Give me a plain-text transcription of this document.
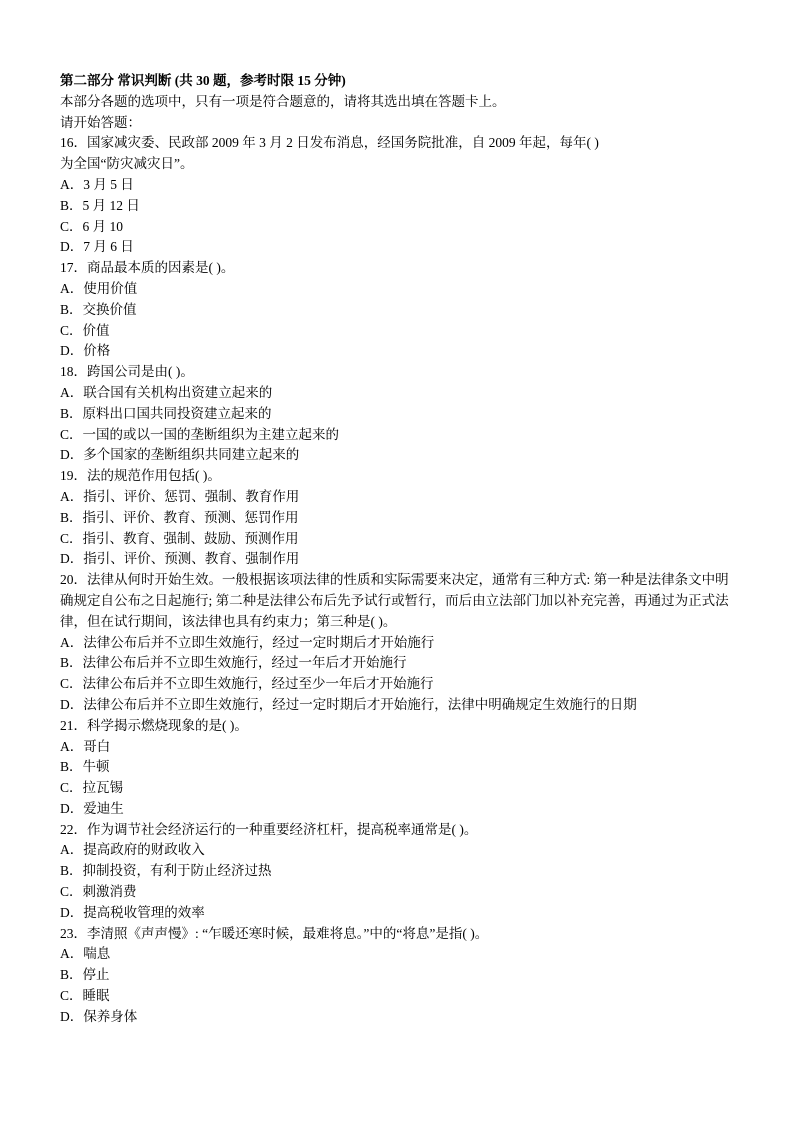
第二部分 常识判断 (共 30 题，参考时限 15 分钟)
本部分各题的选项中，只有一项是符合题意的，请将其选出填在答题卡上。
请开始答题：
16．国家减灾委、民政部 2009 年 3 月 2 日发布消息，经国务院批准，自 2009 年起，每年( )
为全国“防灾减灾日”。
A．3 月 5 日
B．5 月 12 日
C．6 月 10
D．7 月 6 日
17．商品最本质的因素是( )。
A．使用价值
B．交换价值
C．价值
D．价格
18．跨国公司是由( )。
A．联合国有关机构出资建立起来的
B．原料出口国共同投资建立起来的
C．一国的或以一国的垄断组织为主建立起来的
D．多个国家的垄断组织共同建立起来的
19．法的规范作用包括( )。
A．指引、评价、惩罚、强制、教育作用
B．指引、评价、教育、预测、惩罚作用
C．指引、教育、强制、鼓励、预测作用
D．指引、评价、预测、教育、强制作用
20．法律从何时开始生效。一般根据该项法律的性质和实际需要来决定，通常有三种方式: 第一种是法律条文中明
确规定自公布之日起施行; 第二种是法律公布后先予试行或暂行，而后由立法部门加以补充完善，再通过为正式法
律，但在试行期间，该法律也具有约束力；第三种是( )。
A．法律公布后并不立即生效施行，经过一定时期后才开始施行
B．法律公布后并不立即生效施行，经过一年后才开始施行
C．法律公布后并不立即生效施行，经过至少一年后才开始施行
D．法律公布后并不立即生效施行，经过一定时期后才开始施行，法律中明确规定生效施行的日期
21．科学揭示燃烧现象的是( )。
A．哥白
B．牛顿
C．拉瓦锡
D．爱迪生
22．作为调节社会经济运行的一种重要经济杠杆，提高税率通常是( )。
A．提高政府的财政收入
B．抑制投资，有利于防止经济过热
C．刺激消费
D．提高税收管理的效率
23．李清照《声声慢》: “乍暖还寒时候，最难将息。”中的“将息”是指( )。
A．喘息
B．停止
C．睡眠
D．保养身体
